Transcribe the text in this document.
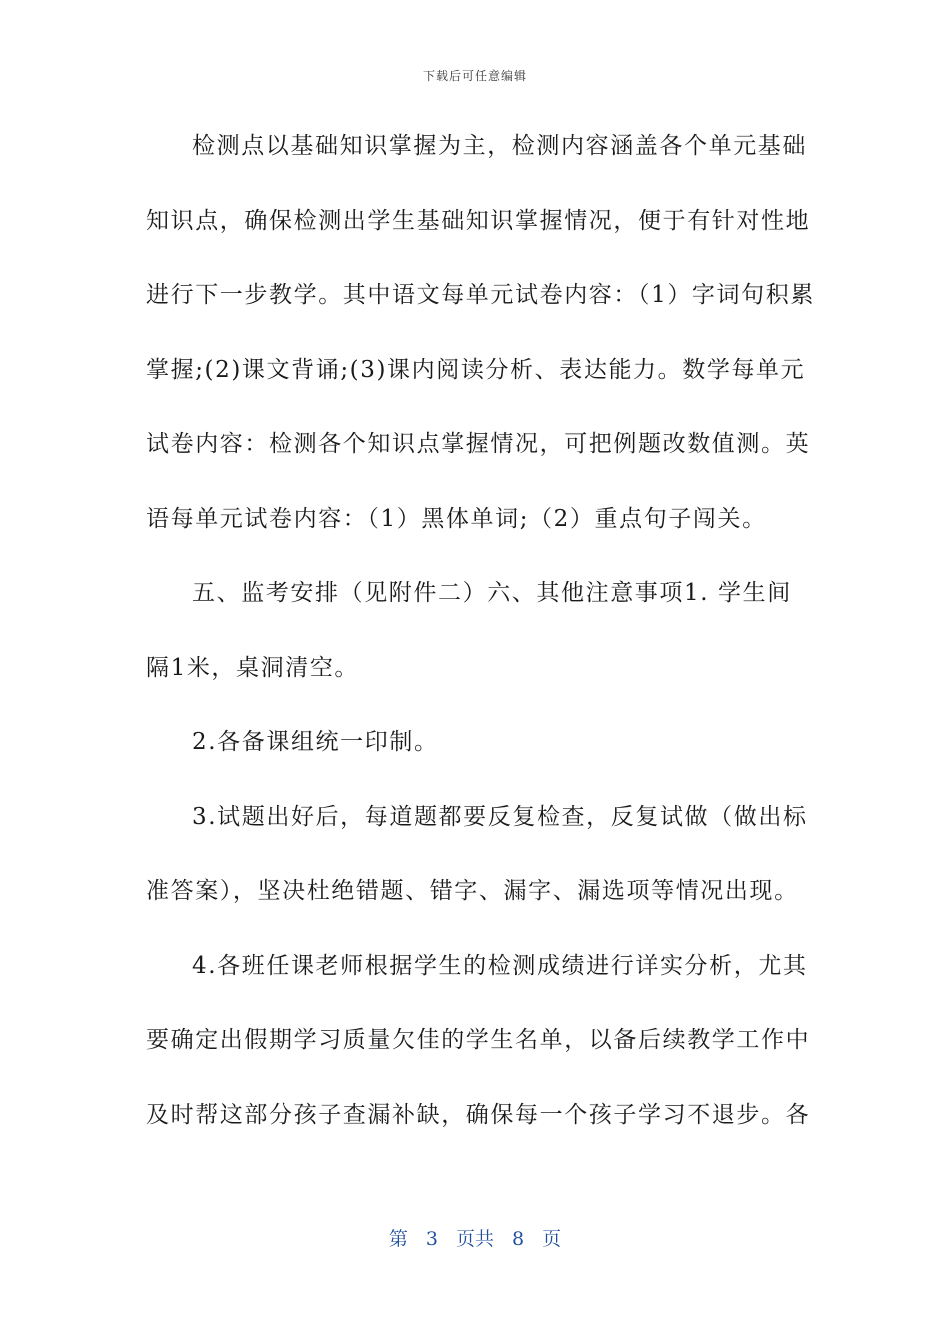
下载后可任意编辑
检测点以基础知识掌握为主，检测内容涵盖各个单元基础
知识点，确保检测出学生基础知识掌握情况，便于有针对性地
进行下一步教学。其中语文每单元试卷内容：（1）字词句积累
掌握;(2)课文背诵;(3)课内阅读分析、表达能力。数学每单元
试卷内容：检测各个知识点掌握情况，可把例题改数值测。英
语每单元试卷内容：（1）黑体单词;（2）重点句子闯关。
五、监考安排（见附件二）六、其他注意事项1. 学生间
隔1米，桌洞清空。
2.各备课组统一印制。
3.试题出好后，每道题都要反复检查，反复试做（做出标
准答案），坚决杜绝错题、错字、漏字、漏选项等情况出现。
4.各班任课老师根据学生的检测成绩进行详实分析，尤其
要确定出假期学习质量欠佳的学生名单，以备后续教学工作中
及时帮这部分孩子查漏补缺，确保每一个孩子学习不退步。各
第 3 页共 8 页
